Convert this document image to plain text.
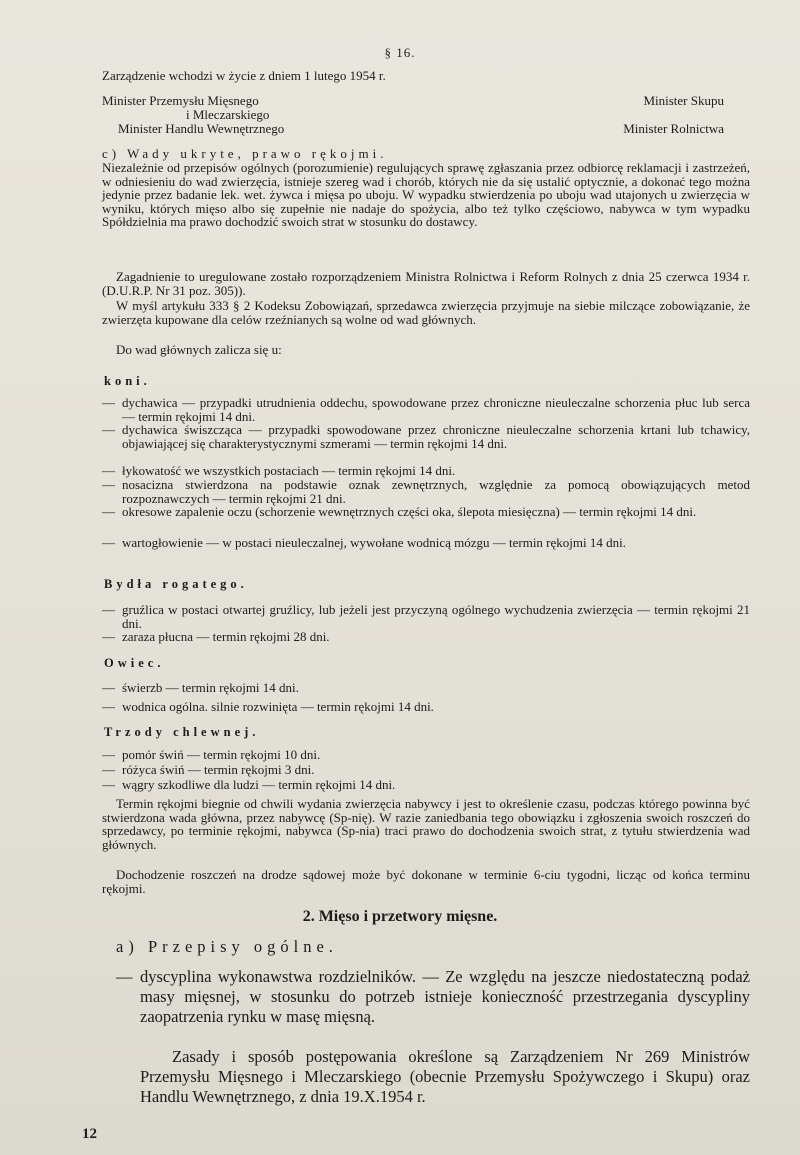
§ 16.
Zarządzenie wchodzi w życie z dniem 1 lutego 1954 r.
Minister Przemysłu Mięsnego
i Mleczarskiego
Minister Handlu Wewnętrznego
Minister Skupu
Minister Rolnictwa
c) Wady ukryte, prawo rękojmi.
Niezależnie od przepisów ogólnych (porozumienie) regulujących sprawę zgłaszania przez odbiorcę reklamacji i zastrzeżeń, w odniesieniu do wad zwierzęcia, istnieje szereg wad i chorób, których nie da się ustalić optycznie, a dokonać tego można jedynie przez badanie lek. wet. żywca i mięsa po uboju. W wypadku stwierdzenia po uboju wad utajonych u zwierzęcia w wyniku, których mięso albo się zupełnie nie nadaje do spożycia, albo też tylko częściowo, nabywca w tym wypadku Spółdzielnia ma prawo dochodzić swoich strat w stosunku do dostawcy.
Zagadnienie to uregulowane zostało rozporządzeniem Ministra Rolnictwa i Reform Rolnych z dnia 25 czerwca 1934 r. (D.U.R.P. Nr 31 poz. 305)).
W myśl artykułu 333 § 2 Kodeksu Zobowiązań, sprzedawca zwierzęcia przyjmuje na siebie milczące zobowiązanie, że zwierzęta kupowane dla celów rzeźnianych są wolne od wad głównych.
Do wad głównych zalicza się u:
koni.
— dychawica — przypadki utrudnienia oddechu, spowodowane przez chroniczne nieuleczalne schorzenia płuc lub serca — termin rękojmi 14 dni.
— dychawica świszcząca — przypadki spowodowane przez chroniczne nieuleczalne schorzenia krtani lub tchawicy, objawiającej się charakterystycznymi szmerami — termin rękojmi 14 dni.
— łykowatość we wszystkich postaciach — termin rękojmi 14 dni.
— nosacizna stwierdzona na podstawie oznak zewnętrznych, względnie za pomocą obowiązujących metod rozpoznawczych — termin rękojmi 21 dni.
— okresowe zapalenie oczu (schorzenie wewnętrznych części oka, ślepota miesięczna) — termin rękojmi 14 dni.
— wartogłowienie — w postaci nieuleczalnej, wywołane wodnicą mózgu — termin rękojmi 14 dni.
Bydła rogatego.
— gruźlica w postaci otwartej gruźlicy, lub jeżeli jest przyczyną ogólnego wychudzenia zwierzęcia — termin rękojmi 21 dni.
— zaraza płucna — termin rękojmi 28 dni.
Owiec.
— świerzb — termin rękojmi 14 dni.
— wodnica ogólna. silnie rozwinięta — termin rękojmi 14 dni.
Trzody chlewnej.
— pomór świń — termin rękojmi 10 dni.
— różyca świń — termin rękojmi 3 dni.
— wągry szkodliwe dla ludzi — termin rękojmi 14 dni.
Termin rękojmi biegnie od chwili wydania zwierzęcia nabywcy i jest to określenie czasu, podczas którego powinna być stwierdzona wada główna, przez nabywcę (Sp-nię). W razie zaniedbania tego obowiązku i zgłoszenia swoich roszczeń do sprzedawcy, po terminie rękojmi, nabywca (Sp-nia) traci prawo do dochodzenia swoich strat, z tytułu stwierdzenia wad głównych.
Dochodzenie roszczeń na drodze sądowej może być dokonane w terminie 6-ciu tygodni, licząc od końca terminu rękojmi.
2. Mięso i przetwory mięsne.
a) Przepisy ogólne.
— dyscyplina wykonawstwa rozdzielników. — Ze względu na jeszcze niedostateczną podaż masy mięsnej, w stosunku do potrzeb istnieje konieczność przestrzegania dyscypliny zaopatrzenia rynku w masę mięsną.
Zasady i sposób postępowania określone są Zarządzeniem Nr 269 Ministrów Przemysłu Mięsnego i Mleczarskiego (obecnie Przemysłu Spożywczego i Skupu) oraz Handlu Wewnętrznego, z dnia 19.X.1954 r.
12
